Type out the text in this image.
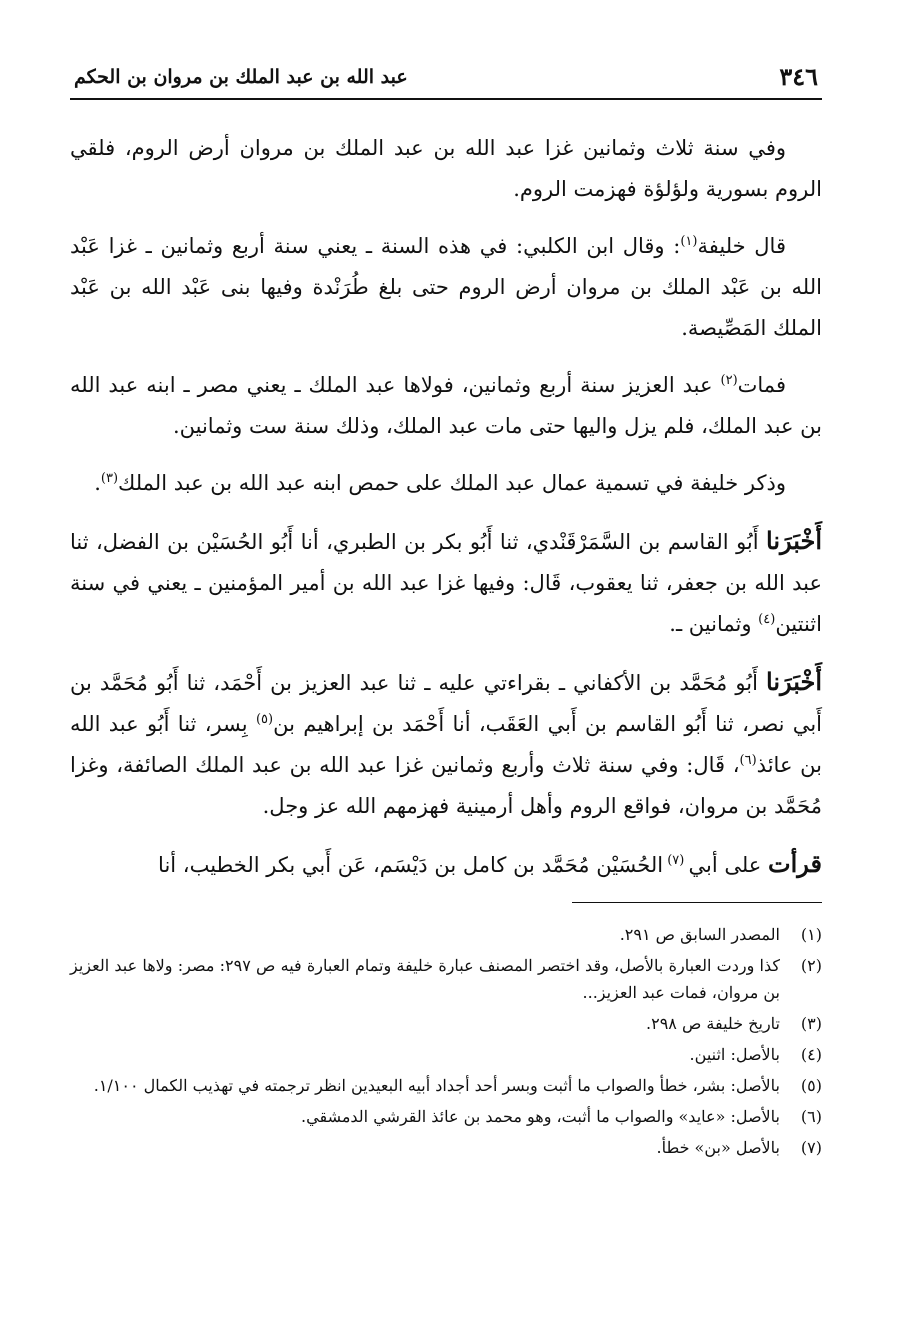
٣٤٦
عبد الله بن عبد الملك بن مروان بن الحكم

وفي سنة ثلاث وثمانين غزا عبد الله بن عبد الملك بن مروان أرض الروم، فلقي الروم بسورية ولؤلؤة فهزمت الروم.

قال خليفة$^{(١)}$: وقال ابن الكلبي: في هذه السنة ـ يعني سنة أربع وثمانين ـ غزا عَبْد الله بن عَبْد الملك بن مروان أرض الروم حتى بلغ طُرَنْدة وفيها بنى عَبْد الله بن عَبْد الملك المَصِّيصة.

فمات$^{(٢)}$ عبد العزيز سنة أربع وثمانين، فولاها عبد الملك ـ يعني مصر ـ ابنه عبد الله بن عبد الملك، فلم يزل واليها حتى مات عبد الملك، وذلك سنة ست وثمانين.

وذكر خليفة في تسمية عمال عبد الملك على حمص ابنه عبد الله بن عبد الملك$^{(٣)}$.

أَخْبَرَنا أَبُو القاسم بن السَّمَرْقَنْدي، ثنا أَبُو بكر بن الطبري، أنا أَبُو الحُسَيْن بن الفضل، ثنا عبد الله بن جعفر، ثنا يعقوب، قَال: وفيها غزا عبد الله بن أمير المؤمنين ـ يعني في سنة اثنتين$^{(٤)}$ وثمانين ـ.

أَخْبَرَنا أَبُو مُحَمَّد بن الأكفاني ـ بقراءتي عليه ـ ثنا عبد العزيز بن أَحْمَد، ثنا أَبُو مُحَمَّد بن أَبي نصر، ثنا أَبُو القاسم بن أَبي العَقَب، أنا أَحْمَد بن إبراهيم بن$^{(٥)}$ بِسر، ثنا أَبُو عبد الله بن عائذ$^{(٦)}$، قَال: وفي سنة ثلاث وأربع وثمانين غزا عبد الله بن عبد الملك الصائفة، وغزا مُحَمَّد بن مروان، فواقع الروم وأهل أرمينية فهزمهم الله عز وجل.

قرأت على أبي $^{(٧)}$ الحُسَيْن مُحَمَّد بن كامل بن دَيْسَم، عَن أَبي بكر الخطيب، أنا

(١)
المصدر السابق ص ٢٩١.
(٢)
كذا وردت العبارة بالأصل، وقد اختصر المصنف عبارة خليفة وتمام العبارة فيه ص ٢٩٧: مصر: ولاها عبد العزيز بن مروان، فمات عبد العزيز...
(٣)
تاريخ خليفة ص ٢٩٨.
(٤)
بالأصل: اثنين.
(٥)
بالأصل: بشر، خطأ والصواب ما أثبت وبسر أحد أجداد أبيه البعيدين انظر ترجمته في تهذيب الكمال ١/١٠٠.
(٦)
بالأصل: «عايد» والصواب ما أثبت، وهو محمد بن عائذ القرشي الدمشقي.
(٧)
بالأصل «بن» خطأ.
